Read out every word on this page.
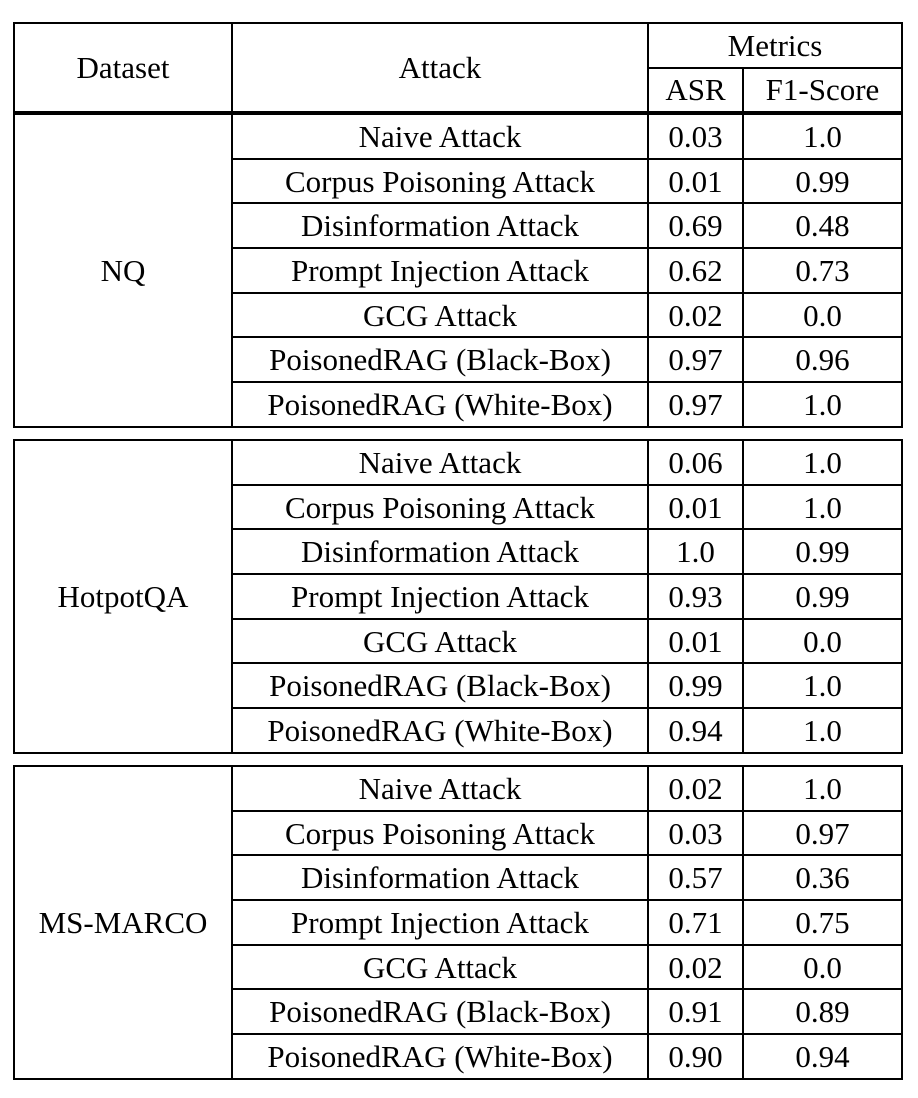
Dataset	Attack	Metrics	
		ASR	F1-Score
NQ	Naive Attack	0.03	1.0
	Corpus Poisoning Attack	0.01	0.99
	Disinformation Attack	0.69	0.48
	Prompt Injection Attack	0.62	0.73
	GCG Attack	0.02	0.0
	PoisonedRAG (Black-Box)	0.97	0.96
	PoisonedRAG (White-Box)	0.97	1.0
HotpotQA	Naive Attack	0.06	1.0
	Corpus Poisoning Attack	0.01	1.0
	Disinformation Attack	1.0	0.99
	Prompt Injection Attack	0.93	0.99
	GCG Attack	0.01	0.0
	PoisonedRAG (Black-Box)	0.99	1.0
	PoisonedRAG (White-Box)	0.94	1.0
MS-MARCO	Naive Attack	0.02	1.0
	Corpus Poisoning Attack	0.03	0.97
	Disinformation Attack	0.57	0.36
	Prompt Injection Attack	0.71	0.75
	GCG Attack	0.02	0.0
	PoisonedRAG (Black-Box)	0.91	0.89
	PoisonedRAG (White-Box)	0.90	0.94
